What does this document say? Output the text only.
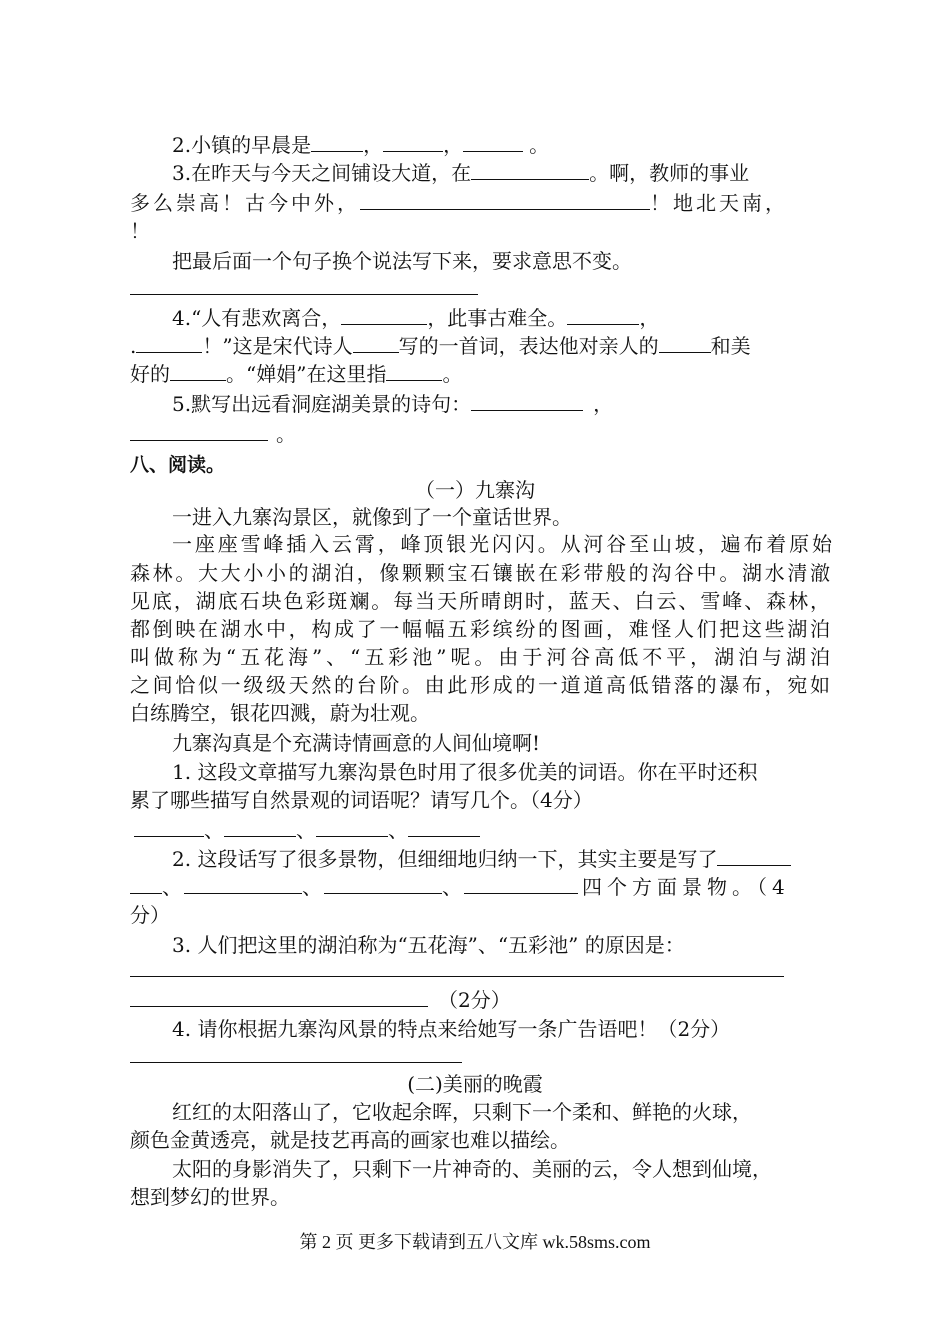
2.小镇的早晨是	，	，	。
3.在昨天与今天之间铺设大道，在	。啊，教师的事业
多么崇高！古今中外，	！地北天南，
！
把最后面一个句子换个说法写下来，要求意思不变。
4.“人有悲欢离合，	，此事古难全。	，
.	！”这是宋代诗人 写的一首词，表达他对亲人的	和美
好的	。“婵娟”在这里指	。
5.默写出远看洞庭湖美景的诗句：	，
。
八、阅读。
（一）九寨沟
一进入九寨沟景区，就像到了一个童话世界。
一座座雪峰插入云霄，峰顶银光闪闪。从河谷至山坡，遍布着原始
森林。大大小小的湖泊，像颗颗宝石镶嵌在彩带般的沟谷中。湖水清澈
见底，湖底石块色彩斑斓。每当天所晴朗时，蓝天、白云、雪峰、森林，
都倒映在湖水中，构成了一幅幅五彩缤纷的图画，难怪人们把这些湖泊
叫做称为“五花海”、“五彩池”呢。由于河谷高低不平，湖泊与湖泊
之间恰似一级级天然的台阶。由此形成的一道道高低错落的瀑布，宛如
白练腾空，银花四溅，蔚为壮观。
九寨沟真是个充满诗情画意的人间仙境啊!
1. 这段文章描写九寨沟景色时用了很多优美的词语。你在平时还积
累了哪些描写自然景观的词语呢？请写几个。（4分）
、	、	、
2. 这段话写了很多景物，但细细地归纳一下，其实主要是写了
、	、	、	四个方面景物。（4
分）
3. 人们把这里的湖泊称为“五花海”、“五彩池” 的原因是：
（2分）
4. 请你根据九寨沟风景的特点来给她写一条广告语吧！（2分）
(二)美丽的晚霞
红红的太阳落山了，它收起余晖，只剩下一个柔和、鲜艳的火球，
颜色金黄透亮，就是技艺再高的画家也难以描绘。
太阳的身影消失了，只剩下一片神奇的、美丽的云，令人想到仙境，
想到梦幻的世界。
第 2 页 更多下载请到五八文库 wk.58sms.com
